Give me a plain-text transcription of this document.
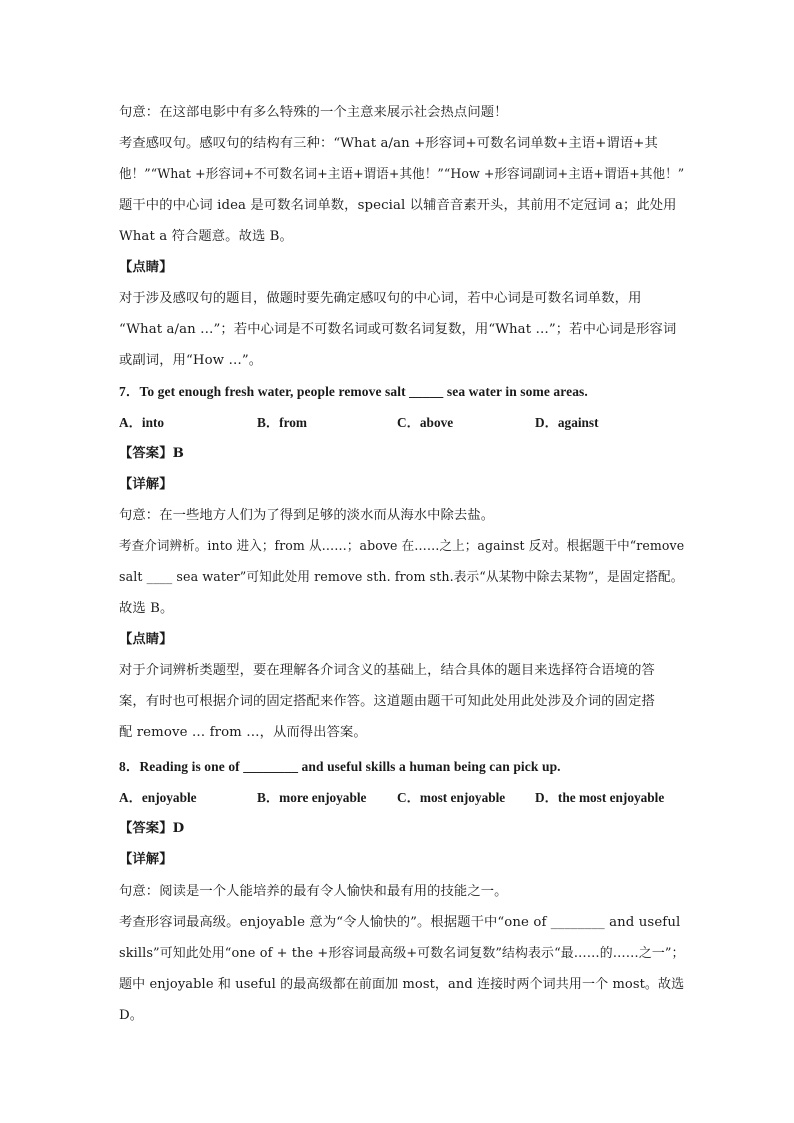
句意：在这部电影中有多么特殊的一个主意来展示社会热点问题！
考查感叹句。感叹句的结构有三种：“What a/an +形容词+可数名词单数+主语+谓语+其
他！”“What +形容词+不可数名词+主语+谓语+其他！”“How +形容词副词+主语+谓语+其他！”
题干中的中心词 idea 是可数名词单数，special 以辅音音素开头，其前用不定冠词 a；此处用
What a 符合题意。故选 B。
【点睛】
对于涉及感叹句的题目，做题时要先确定感叹句的中心词，若中心词是可数名词单数，用
“What a/an …”；若中心词是不可数名词或可数名词复数，用“What …”；若中心词是形容词
或副词，用“How …”。
7．To get enough fresh water, people remove salt _____ sea water in some areas.
A．into	B．from	C．above	D．against
【答案】B
【详解】
句意：在一些地方人们为了得到足够的淡水而从海水中除去盐。
考查介词辨析。into 进入；from 从……；above 在……之上；against 反对。根据题干中“remove
salt ____ sea water”可知此处用 remove sth. from sth.表示“从某物中除去某物”，是固定搭配。
故选 B。
【点睛】
对于介词辨析类题型，要在理解各介词含义的基础上，结合具体的题目来选择符合语境的答
案，有时也可根据介词的固定搭配来作答。这道题由题干可知此处用此处涉及介词的固定搭
配 remove … from …，从而得出答案。
8．Reading is one of ________ and useful skills a human being can pick up.
A．enjoyable	B．more enjoyable C．most enjoyable D．the most enjoyable
【答案】D
【详解】
句意：阅读是一个人能培养的最有令人愉快和最有用的技能之一。
考查形容词最高级。enjoyable 意为“令人愉快的”。根据题干中“one of ________ and useful
skills”可知此处用“one of + the +形容词最高级+可数名词复数”结构表示“最……的……之一”；
题中 enjoyable 和 useful 的最高级都在前面加 most，and 连接时两个词共用一个 most。故选
D。
